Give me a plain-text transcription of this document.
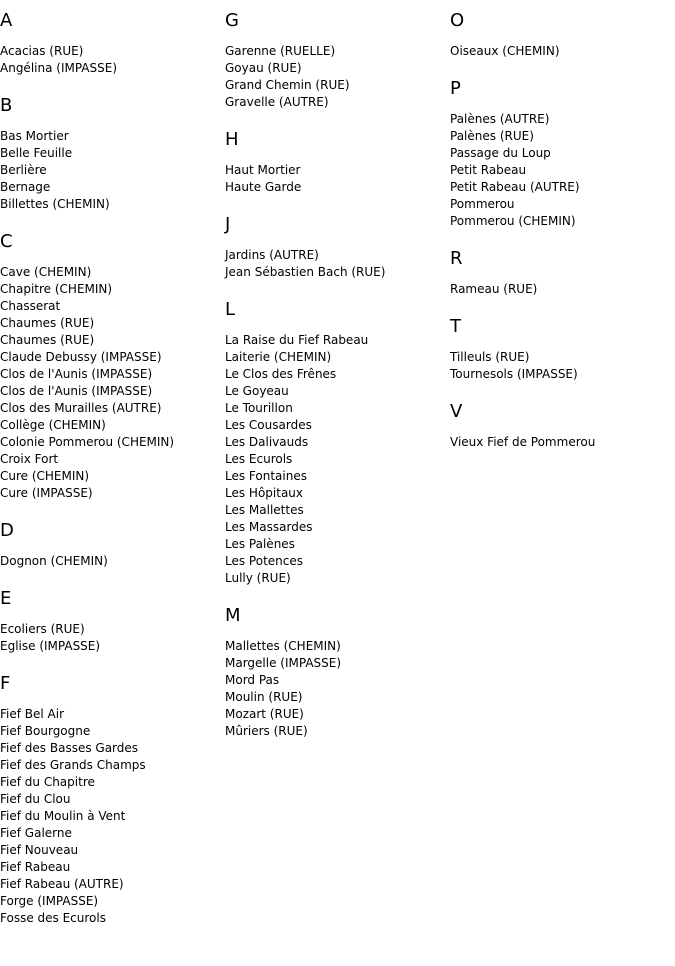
A
Acacias (RUE)
Angélina (IMPASSE)
B
Bas Mortier
Belle Feuille
Berlière
Bernage
Billettes (CHEMIN)
C
Cave (CHEMIN)
Chapitre (CHEMIN)
Chasserat
Chaumes (RUE)
Chaumes (RUE)
Claude Debussy (IMPASSE)
Clos de l'Aunis (IMPASSE)
Clos de l'Aunis (IMPASSE)
Clos des Murailles (AUTRE)
Collège (CHEMIN)
Colonie Pommerou (CHEMIN)
Croix Fort
Cure (CHEMIN)
Cure (IMPASSE)
D
Dognon (CHEMIN)
E
Ecoliers (RUE)
Eglise (IMPASSE)
F
Fief Bel Air
Fief Bourgogne
Fief des Basses Gardes
Fief des Grands Champs
Fief du Chapitre
Fief du Clou
Fief du Moulin à Vent
Fief Galerne
Fief Nouveau
Fief Rabeau
Fief Rabeau (AUTRE)
Forge (IMPASSE)
Fosse des Ecurols
G
Garenne (RUELLE)
Goyau (RUE)
Grand Chemin (RUE)
Gravelle (AUTRE)
H
Haut Mortier
Haute Garde
J
Jardins (AUTRE)
Jean Sébastien Bach (RUE)
L
La Raise du Fief Rabeau
Laiterie (CHEMIN)
Le Clos des Frênes
Le Goyeau
Le Tourillon
Les Cousardes
Les Dalivauds
Les Ecurols
Les Fontaines
Les Hôpitaux
Les Mallettes
Les Massardes
Les Palènes
Les Potences
Lully (RUE)
M
Mallettes (CHEMIN)
Margelle (IMPASSE)
Mord Pas
Moulin (RUE)
Mozart (RUE)
Mûriers (RUE)
O
Oiseaux (CHEMIN)
P
Palènes (AUTRE)
Palènes (RUE)
Passage du Loup
Petit Rabeau
Petit Rabeau (AUTRE)
Pommerou
Pommerou (CHEMIN)
R
Rameau (RUE)
T
Tilleuls (RUE)
Tournesols (IMPASSE)
V
Vieux Fief de Pommerou
